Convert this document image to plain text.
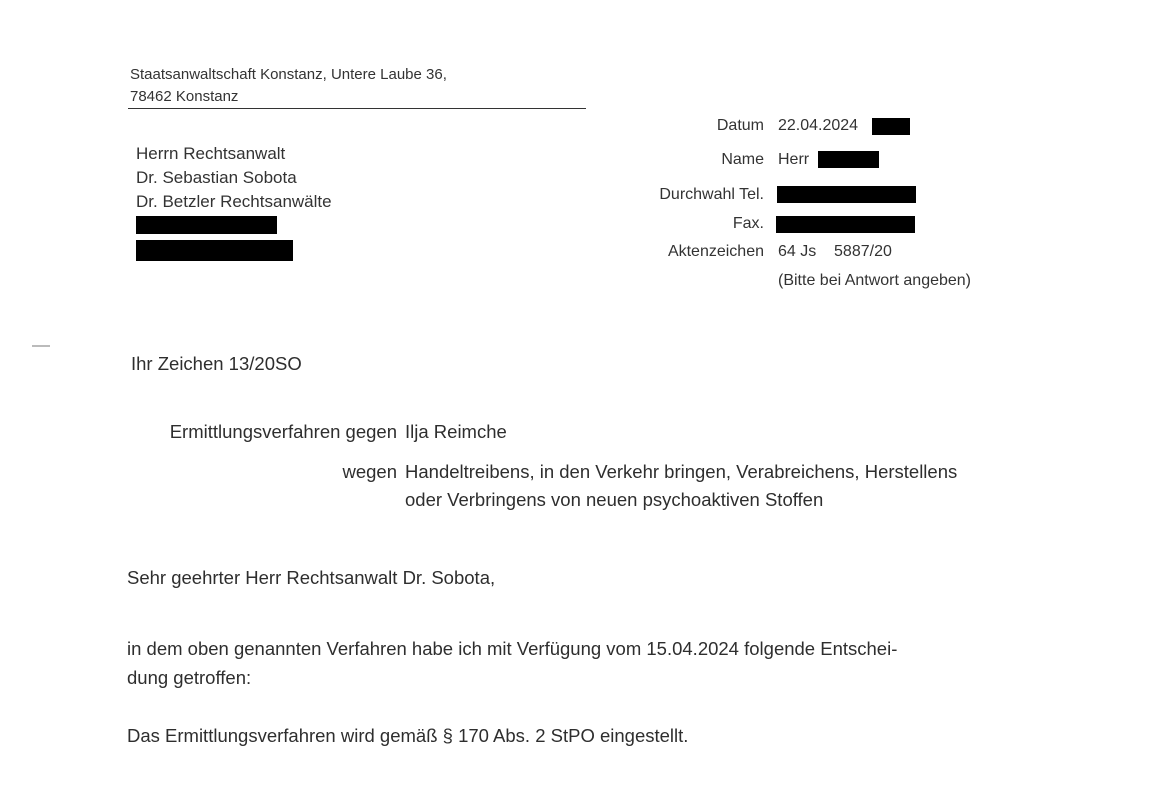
Staatsanwaltschaft Konstanz, Untere Laube 36,
78462 Konstanz
Herrn Rechtsanwalt
Dr. Sebastian Sobota
Dr. Betzler Rechtsanwälte
Datum 22.04.2024
Name Herr
Durchwahl Tel.
Fax.
Aktenzeichen 64 Js    5887/20
(Bitte bei Antwort angeben)
Ihr Zeichen 13/20SO
Ermittlungsverfahren gegen Ilja Reimche
wegen Handeltreibens, in den Verkehr bringen, Verabreichens, Herstellens
oder Verbringens von neuen psychoaktiven Stoffen
Sehr geehrter Herr Rechtsanwalt Dr. Sobota,
in dem oben genannten Verfahren habe ich mit Verfügung vom 15.04.2024 folgende Entschei-
dung getroffen:
Das Ermittlungsverfahren wird gemäß § 170 Abs. 2 StPO eingestellt.
